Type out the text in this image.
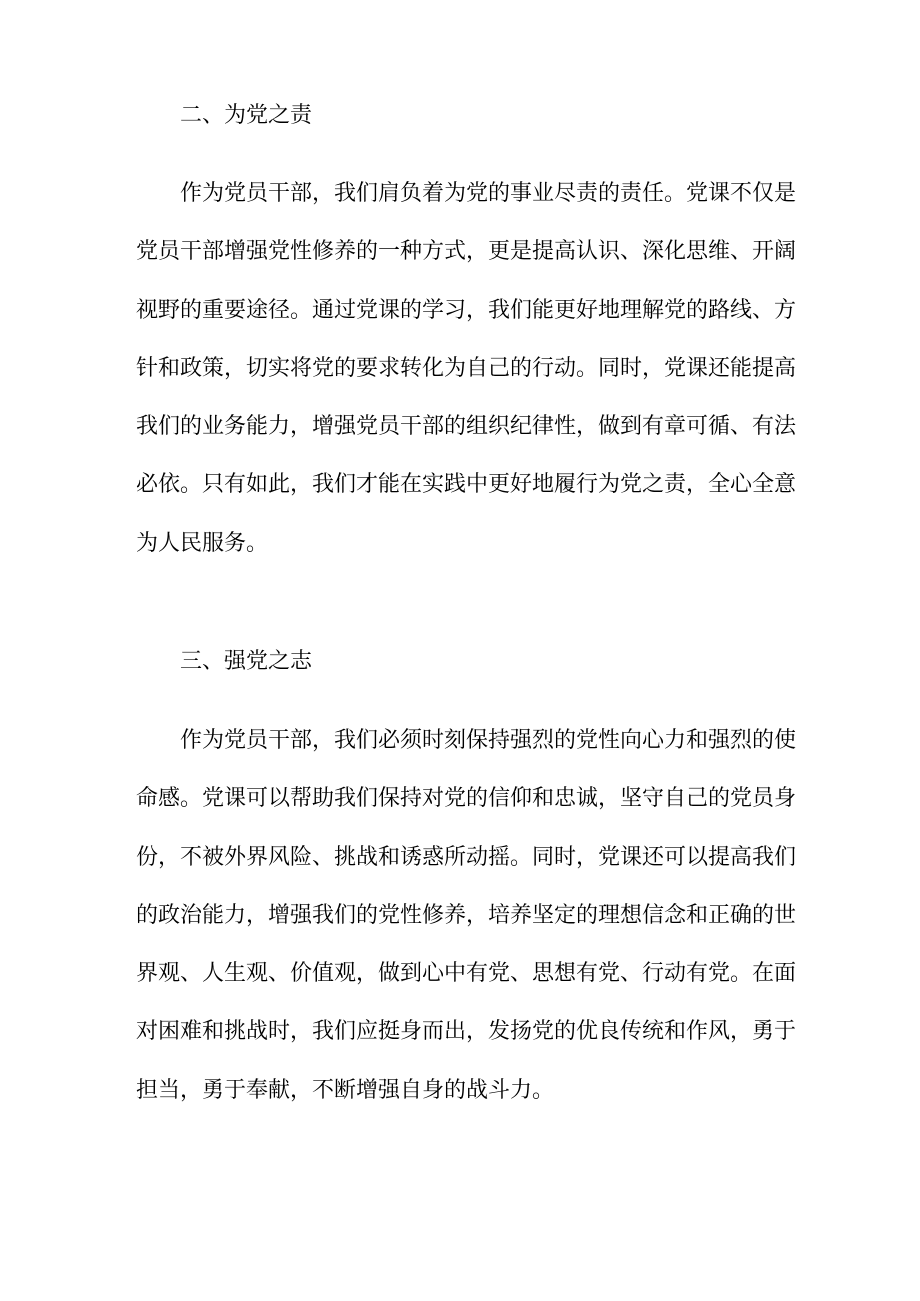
二、为党之责

作为党员干部，我们肩负着为党的事业尽责的责任。党课不仅是党员干部增强党性修养的一种方式，更是提高认识、深化思维、开阔视野的重要途径。通过党课的学习，我们能更好地理解党的路线、方针和政策，切实将党的要求转化为自己的行动。同时，党课还能提高我们的业务能力，增强党员干部的组织纪律性，做到有章可循、有法必依。只有如此，我们才能在实践中更好地履行为党之责，全心全意为人民服务。

三、强党之志

作为党员干部，我们必须时刻保持强烈的党性向心力和强烈的使命感。党课可以帮助我们保持对党的信仰和忠诚，坚守自己的党员身份，不被外界风险、挑战和诱惑所动摇。同时，党课还可以提高我们的政治能力，增强我们的党性修养，培养坚定的理想信念和正确的世界观、人生观、价值观，做到心中有党、思想有党、行动有党。在面对困难和挑战时，我们应挺身而出，发扬党的优良传统和作风，勇于担当，勇于奉献，不断增强自身的战斗力。
